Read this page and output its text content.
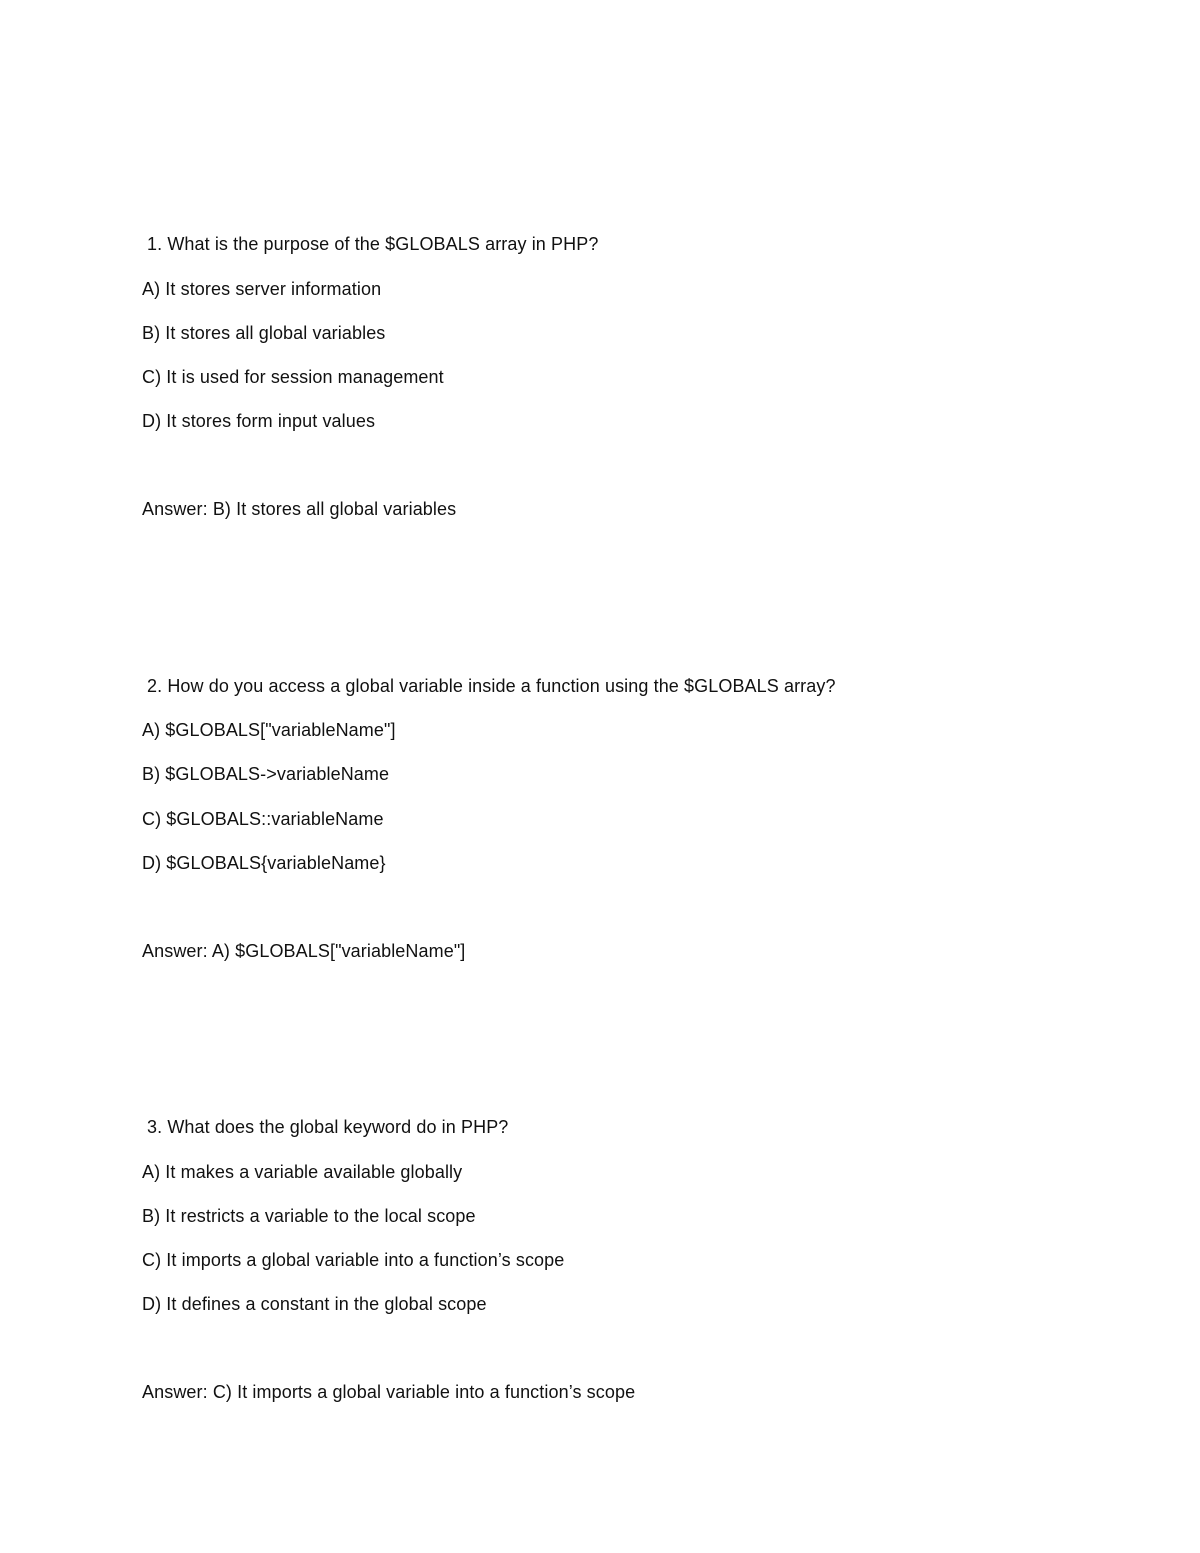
1. What is the purpose of the $GLOBALS array in PHP?
A) It stores server information
B) It stores all global variables
C) It is used for session management
D) It stores form input values
Answer: B) It stores all global variables
2. How do you access a global variable inside a function using the $GLOBALS array?
A) $GLOBALS["variableName"]
B) $GLOBALS->variableName
C) $GLOBALS::variableName
D) $GLOBALS{variableName}
Answer: A) $GLOBALS["variableName"]
3. What does the global keyword do in PHP?
A) It makes a variable available globally
B) It restricts a variable to the local scope
C) It imports a global variable into a function’s scope
D) It defines a constant in the global scope
Answer: C) It imports a global variable into a function’s scope
